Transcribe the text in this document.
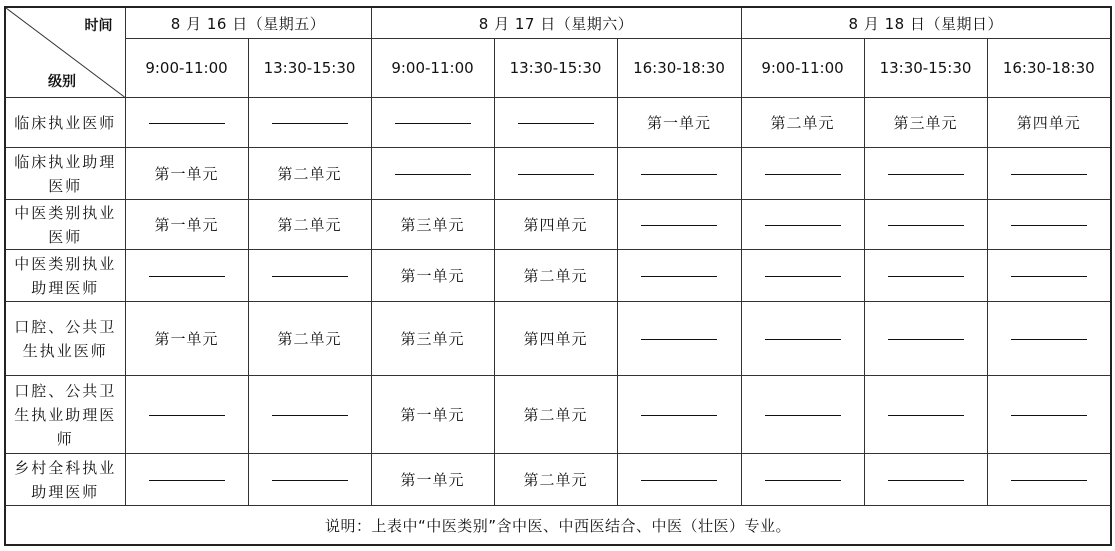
时间
级别	8 月 16 日（星期五）		8 月 17 日（星期六）			8 月 18 日（星期日）		
	9:00-11:00	13:30-15:30	9:00-11:00	13:30-15:30	16:30-18:30	9:00-11:00	13:30-15:30	16:30-18:30
临床执业医师					第一单元	第二单元	第三单元	第四单元
临床执业助理医师	第一单元	第二单元						
中医类别执业医师	第一单元	第二单元	第三单元	第四单元				
中医类别执业助理医师			第一单元	第二单元				
口腔、公共卫生执业医师	第一单元	第二单元	第三单元	第四单元				
口腔、公共卫生执业助理医师			第一单元	第二单元				
乡村全科执业助理医师			第一单元	第二单元				
说明：上表中“中医类别”含中医、中西医结合、中医（壮医）专业。								
